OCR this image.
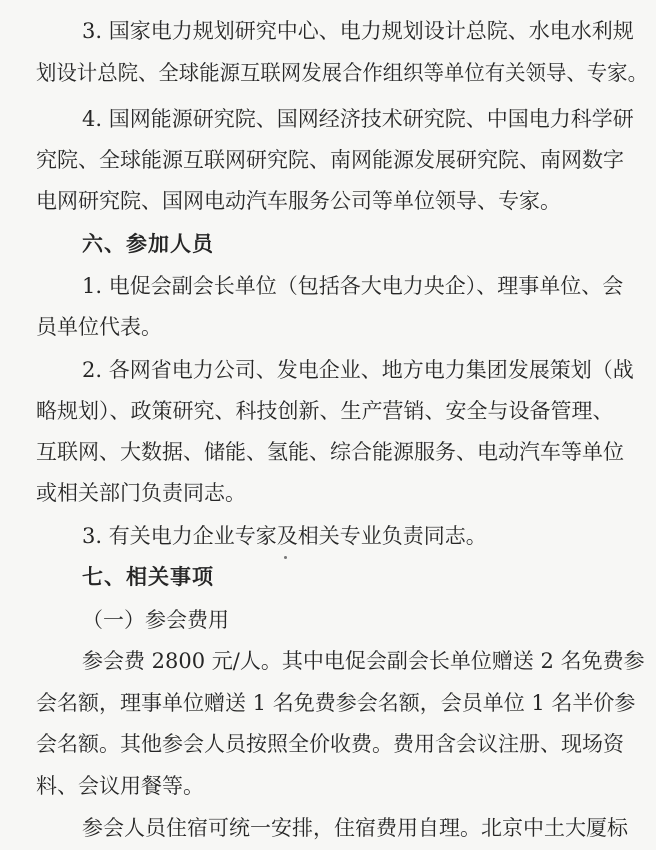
3. 国家电力规划研究中心、电力规划设计总院、水电水利规
划设计总院、全球能源互联网发展合作组织等单位有关领导、专家。
4. 国网能源研究院、国网经济技术研究院、中国电力科学研
究院、全球能源互联网研究院、南网能源发展研究院、南网数字
电网研究院、国网电动汽车服务公司等单位领导、专家。
六、参加人员
1. 电促会副会长单位（包括各大电力央企）、理事单位、会
员单位代表。
2. 各网省电力公司、发电企业、地方电力集团发展策划（战
略规划）、政策研究、科技创新、生产营销、安全与设备管理、
互联网、大数据、储能、氢能、综合能源服务、电动汽车等单位
或相关部门负责同志。
3. 有关电力企业专家及相关专业负责同志。
七、相关事项
（一）参会费用
参会费 2800 元/人。其中电促会副会长单位赠送 2 名免费参
会名额，理事单位赠送 1 名免费参会名额，会员单位 1 名半价参
会名额。其他参会人员按照全价收费。费用含会议注册、现场资
料、会议用餐等。
参会人员住宿可统一安排，住宿费用自理。北京中土大厦标
